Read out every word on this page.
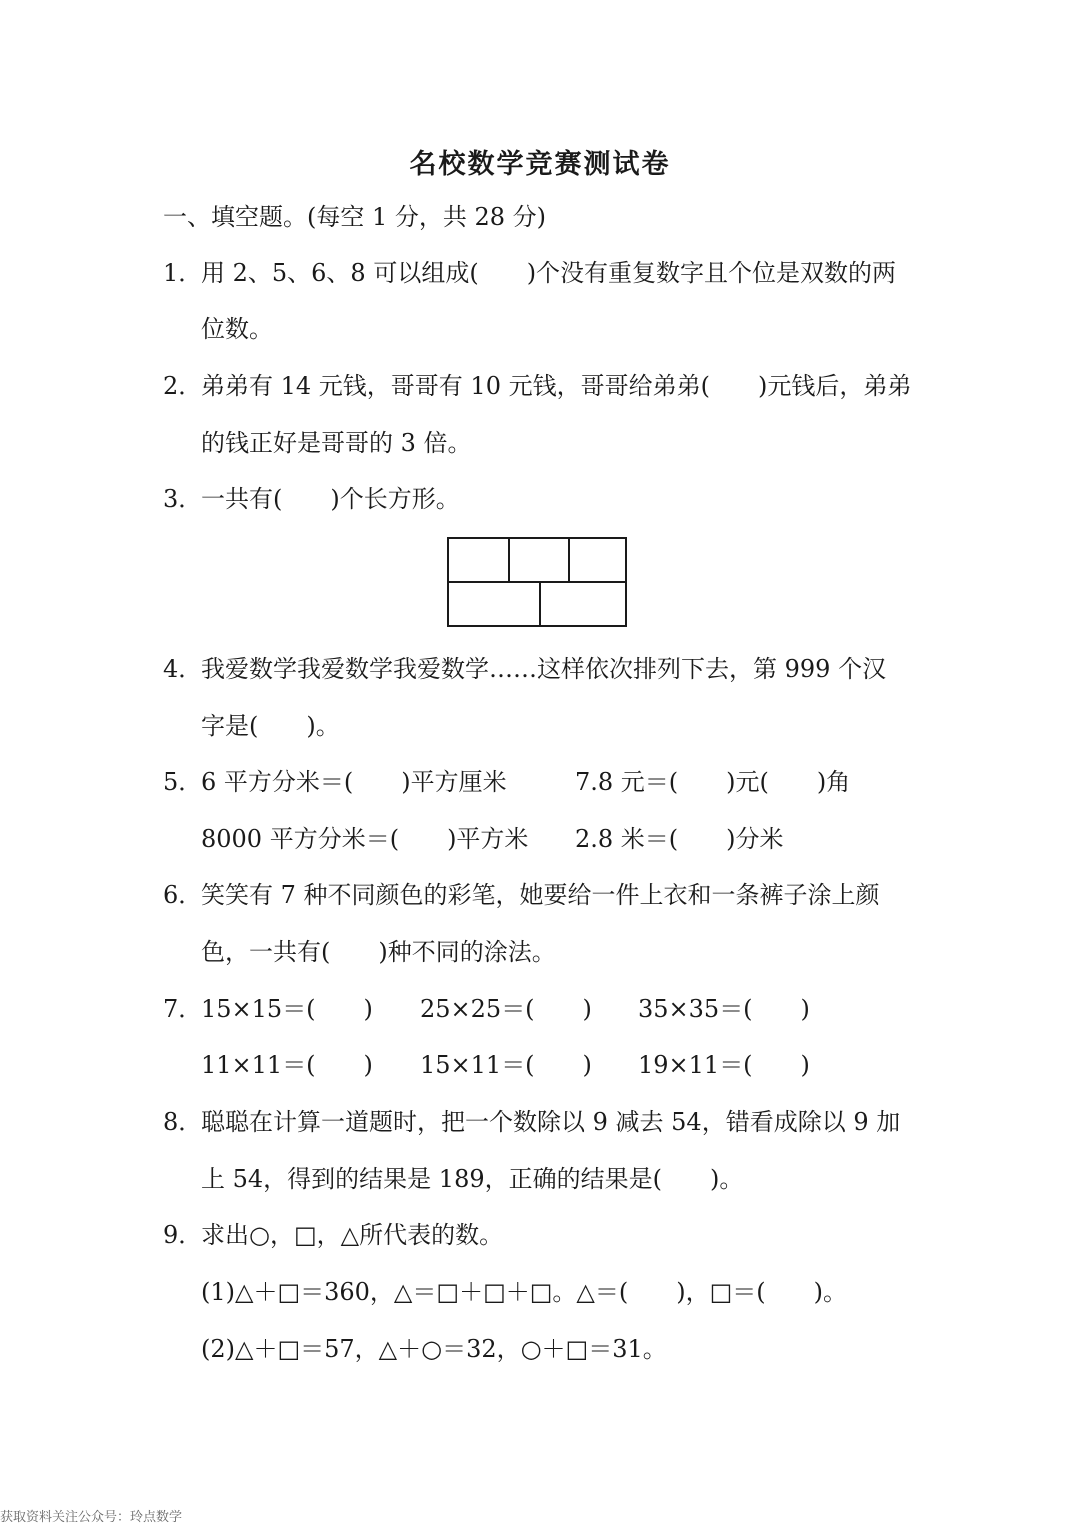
名校数学竞赛测试卷
一、填空题。(每空 1 分，共 28 分)
1．用 2、5、6、8 可以组成(　　)个没有重复数字且个位是双数的两
位数。
2．弟弟有 14 元钱，哥哥有 10 元钱，哥哥给弟弟(　　)元钱后，弟弟
的钱正好是哥哥的 3 倍。
3．一共有(　　)个长方形。
4．我爱数学我爱数学我爱数学……这样依次排列下去，第 999 个汉
字是(　　)。
5．6 平方分米＝(　　)平方厘米	7.8 元＝(　　)元(　　)角
8000 平方分米＝(　　)平方米 2.8 米＝(　　)分米
6．笑笑有 7 种不同颜色的彩笔，她要给一件上衣和一条裤子涂上颜
色，一共有(　　)种不同的涂法。
7．15×15＝(　　) 25×25＝(　　) 35×35＝(　　)
11×11＝(　　) 15×11＝(　　) 19×11＝(　　)
8．聪聪在计算一道题时，把一个数除以 9 减去 54，错看成除以 9 加
上 54，得到的结果是 189，正确的结果是(　　)。
9．求出○，□，△所代表的数。
(1)△＋□＝360，△＝□＋□＋□。△＝(　　)，□＝(　　)。
(2)△＋□＝57，△＋○＝32，○＋□＝31。
获取资料关注公众号：玲点数学
